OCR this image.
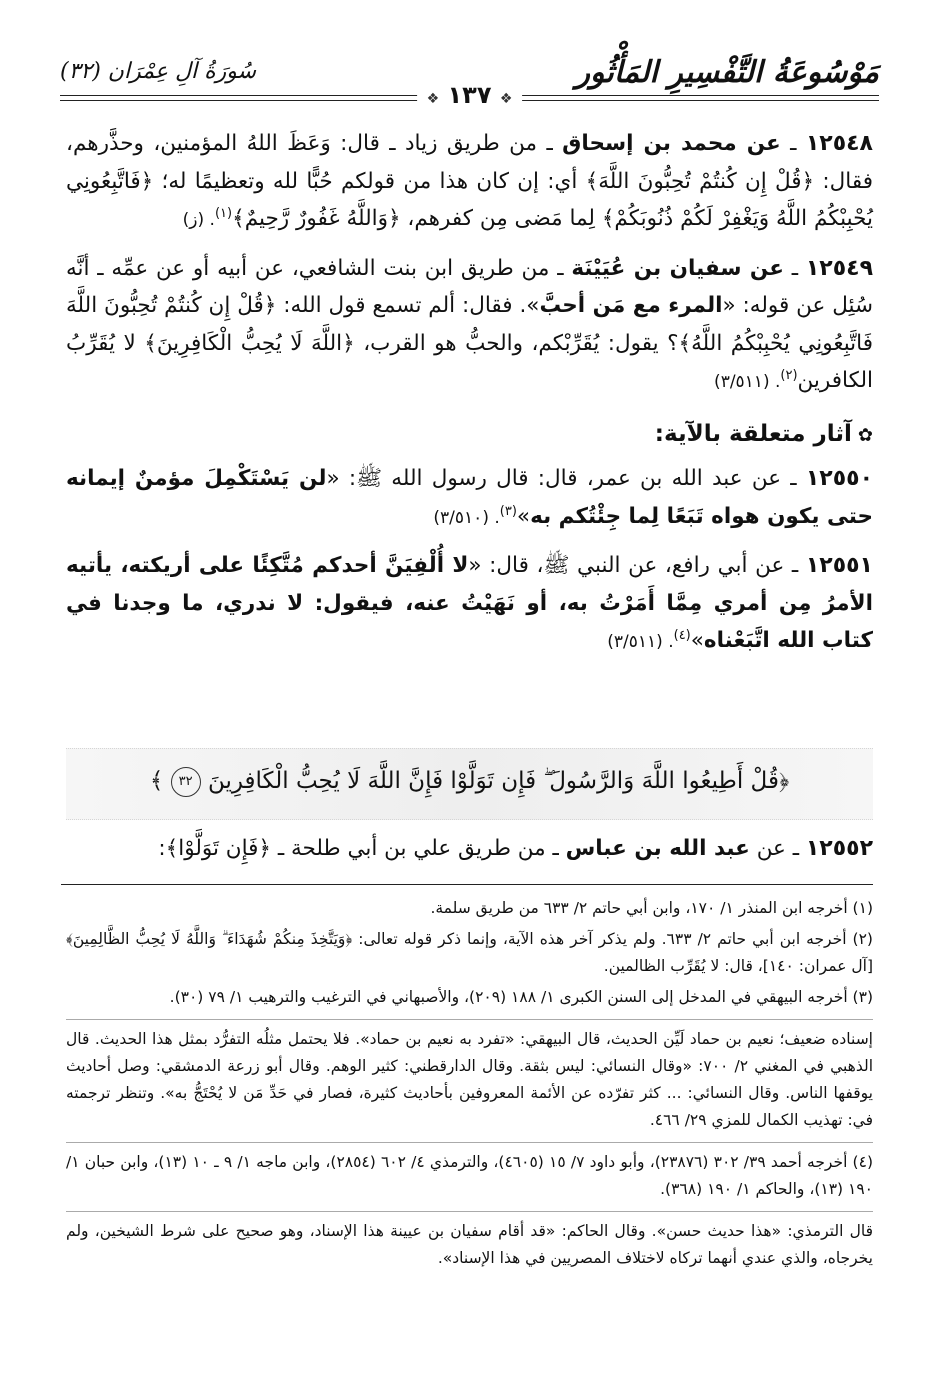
مَوْسُوعَةُ التَّفْسِيرِ المَأْثُور
سُورَةُ آلِ عِمْرَان (٣٢)
❖ ١٣٧ ❖

١٢٥٤٨ ـ عن محمد بن إسحاق ـ من طريق زياد ـ قال: وَعَظَ اللهُ المؤمنين، وحذَّرهم، فقال: ﴿قُلْ إِن كُنتُمْ تُحِبُّونَ اللَّهَ﴾ أي: إن كان هذا من قولكم حُبًّا لله وتعظيمًا له؛ ﴿فَاتَّبِعُونِي يُحْبِبْكُمُ اللَّهُ وَيَغْفِرْ لَكُمْ ذُنُوبَكُمْ﴾ لِما مَضى مِن كفرهم، ﴿وَاللَّهُ غَفُورٌ رَّحِيمٌ﴾$^{(١)}$. (ز)

١٢٥٤٩ ـ عن سفيان بن عُيَيْنَة ـ من طريق ابن بنت الشافعي، عن أبيه أو عن عمِّه ـ أنَّه سُئِل عن قوله: «المرء مع مَن أحبَّ». فقال: ألم تسمع قول الله: ﴿قُلْ إِن كُنتُمْ تُحِبُّونَ اللَّهَ فَاتَّبِعُونِي يُحْبِبْكُمُ اللَّهُ﴾؟ يقول: يُقَرِّبْكم، والحبُّ هو القرب، ﴿اللَّهَ لَا يُحِبُّ الْكَافِرِينَ﴾ لا يُقَرِّبُ الكافرين$^{(٢)}$. (٣/٥١١)

✿آثار متعلقة بالآية:

١٢٥٥٠ ـ عن عبد الله بن عمر، قال: قال رسول الله ﷺ: «لن يَسْتَكْمِلَ مؤمنٌ إيمانه حتى يكون هواه تَبَعًا لِما جِئْتُكم به»$^{(٣)}$. (٣/٥١٠)

١٢٥٥١ ـ عن أبي رافع، عن النبي ﷺ، قال: «لا أُلْفِيَنَّ أحدكم مُتَّكِئًا على أريكته، يأتيه الأمرُ مِن أمري مِمَّا أَمَرْتُ به، أو نَهَيْتُ عنه، فيقول: لا ندري، ما وجدنا في كتاب الله اتَّبَعْناه»$^{(٤)}$. (٣/٥١١)

﴿قُلْ أَطِيعُوا اللَّهَ وَالرَّسُولَ ۖ فَإِن تَوَلَّوْا فَإِنَّ اللَّهَ لَا يُحِبُّ الْكَافِرِينَ ٣٢ ﴾
١٢٥٥٢ ـ عن عبد الله بن عباس ـ من طريق علي بن أبي طلحة ـ ﴿فَإِن تَوَلَّوْا﴾:

(١) أخرجه ابن المنذر ١/ ١٧٠، وابن أبي حاتم ٢/ ٦٣٣ من طريق سلمة.

(٢) أخرجه ابن أبي حاتم ٢/ ٦٣٣. ولم يذكر آخر هذه الآية، وإنما ذكر قوله تعالى: ﴿وَيَتَّخِذَ مِنكُمْ شُهَدَاءَ ۗ وَاللَّهُ لَا يُحِبُّ الظَّالِمِينَ﴾ [آل عمران: ١٤٠]، قال: لا يُقَرِّب الظالمين.

(٣) أخرجه البيهقي في المدخل إلى السنن الكبرى ١/ ١٨٨ (٢٠٩)، والأصبهاني في الترغيب والترهيب ١/ ٧٩ (٣٠).

إسناده ضعيف؛ نعيم بن حماد لَيِّن الحديث، قال البيهقي: «تفرد به نعيم بن حماد». فلا يحتمل مثلُه التفرُّد بمثل هذا الحديث. قال الذهبي في المغني ٢/ ٧٠٠: «وقال النسائي: ليس بثقة. وقال الدارقطني: كثير الوهم. وقال أبو زرعة الدمشقي: وصل أحاديث يوقفها الناس. وقال النسائي: ... كثر تفرّده عن الأئمة المعروفين بأحاديث كثيرة، فصار في حَدِّ مَن لا يُحْتَجُّ به». وتنظر ترجمته في: تهذيب الكمال للمزي ٢٩/ ٤٦٦.

(٤) أخرجه أحمد ٣٩/ ٣٠٢ (٢٣٨٧٦)، وأبو داود ٧/ ١٥ (٤٦٠٥)، والترمذي ٤/ ٦٠٢ (٢٨٥٤)، وابن ماجه ١/ ٩ ـ ١٠ (١٣)، وابن حبان ١/ ١٩٠ (١٣)، والحاكم ١/ ١٩٠ (٣٦٨).

قال الترمذي: «هذا حديث حسن». وقال الحاكم: «قد أقام سفيان بن عيينة هذا الإسناد، وهو صحيح على شرط الشيخين، ولم يخرجاه، والذي عندي أنهما تركاه لاختلاف المصريين في هذا الإسناد».
